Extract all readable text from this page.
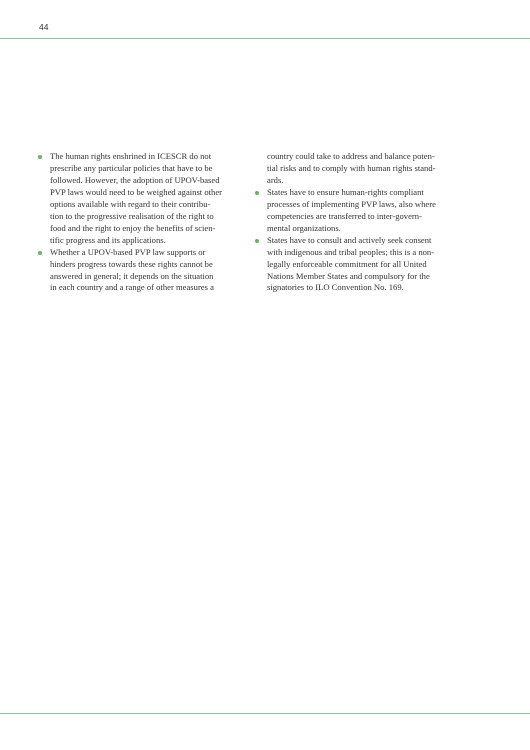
44
The human rights enshrined in ICESCR do not
prescribe any particular policies that have to be
followed. However, the adoption of UPOV-based
PVP laws would need to be weighed against other
options available with regard to their contribu-
tion to the progressive realisation of the right to
food and the right to enjoy the benefits of scien-
tific progress and its applications.
Whether a UPOV-based PVP law supports or
hinders progress towards these rights cannot be
answered in general; it depends on the situation
in each country and a range of other measures a
country could take to address and balance poten-
tial risks and to comply with human rights stand-
ards.
States have to ensure human-rights compliant
processes of implementing PVP laws, also where
competencies are transferred to inter-govern-
mental organizations.
States have to consult and actively seek consent
with indigenous and tribal peoples; this is a non-
legally enforceable commitment for all United
Nations Member States and compulsory for the
signatories to ILO Convention No. 169.
